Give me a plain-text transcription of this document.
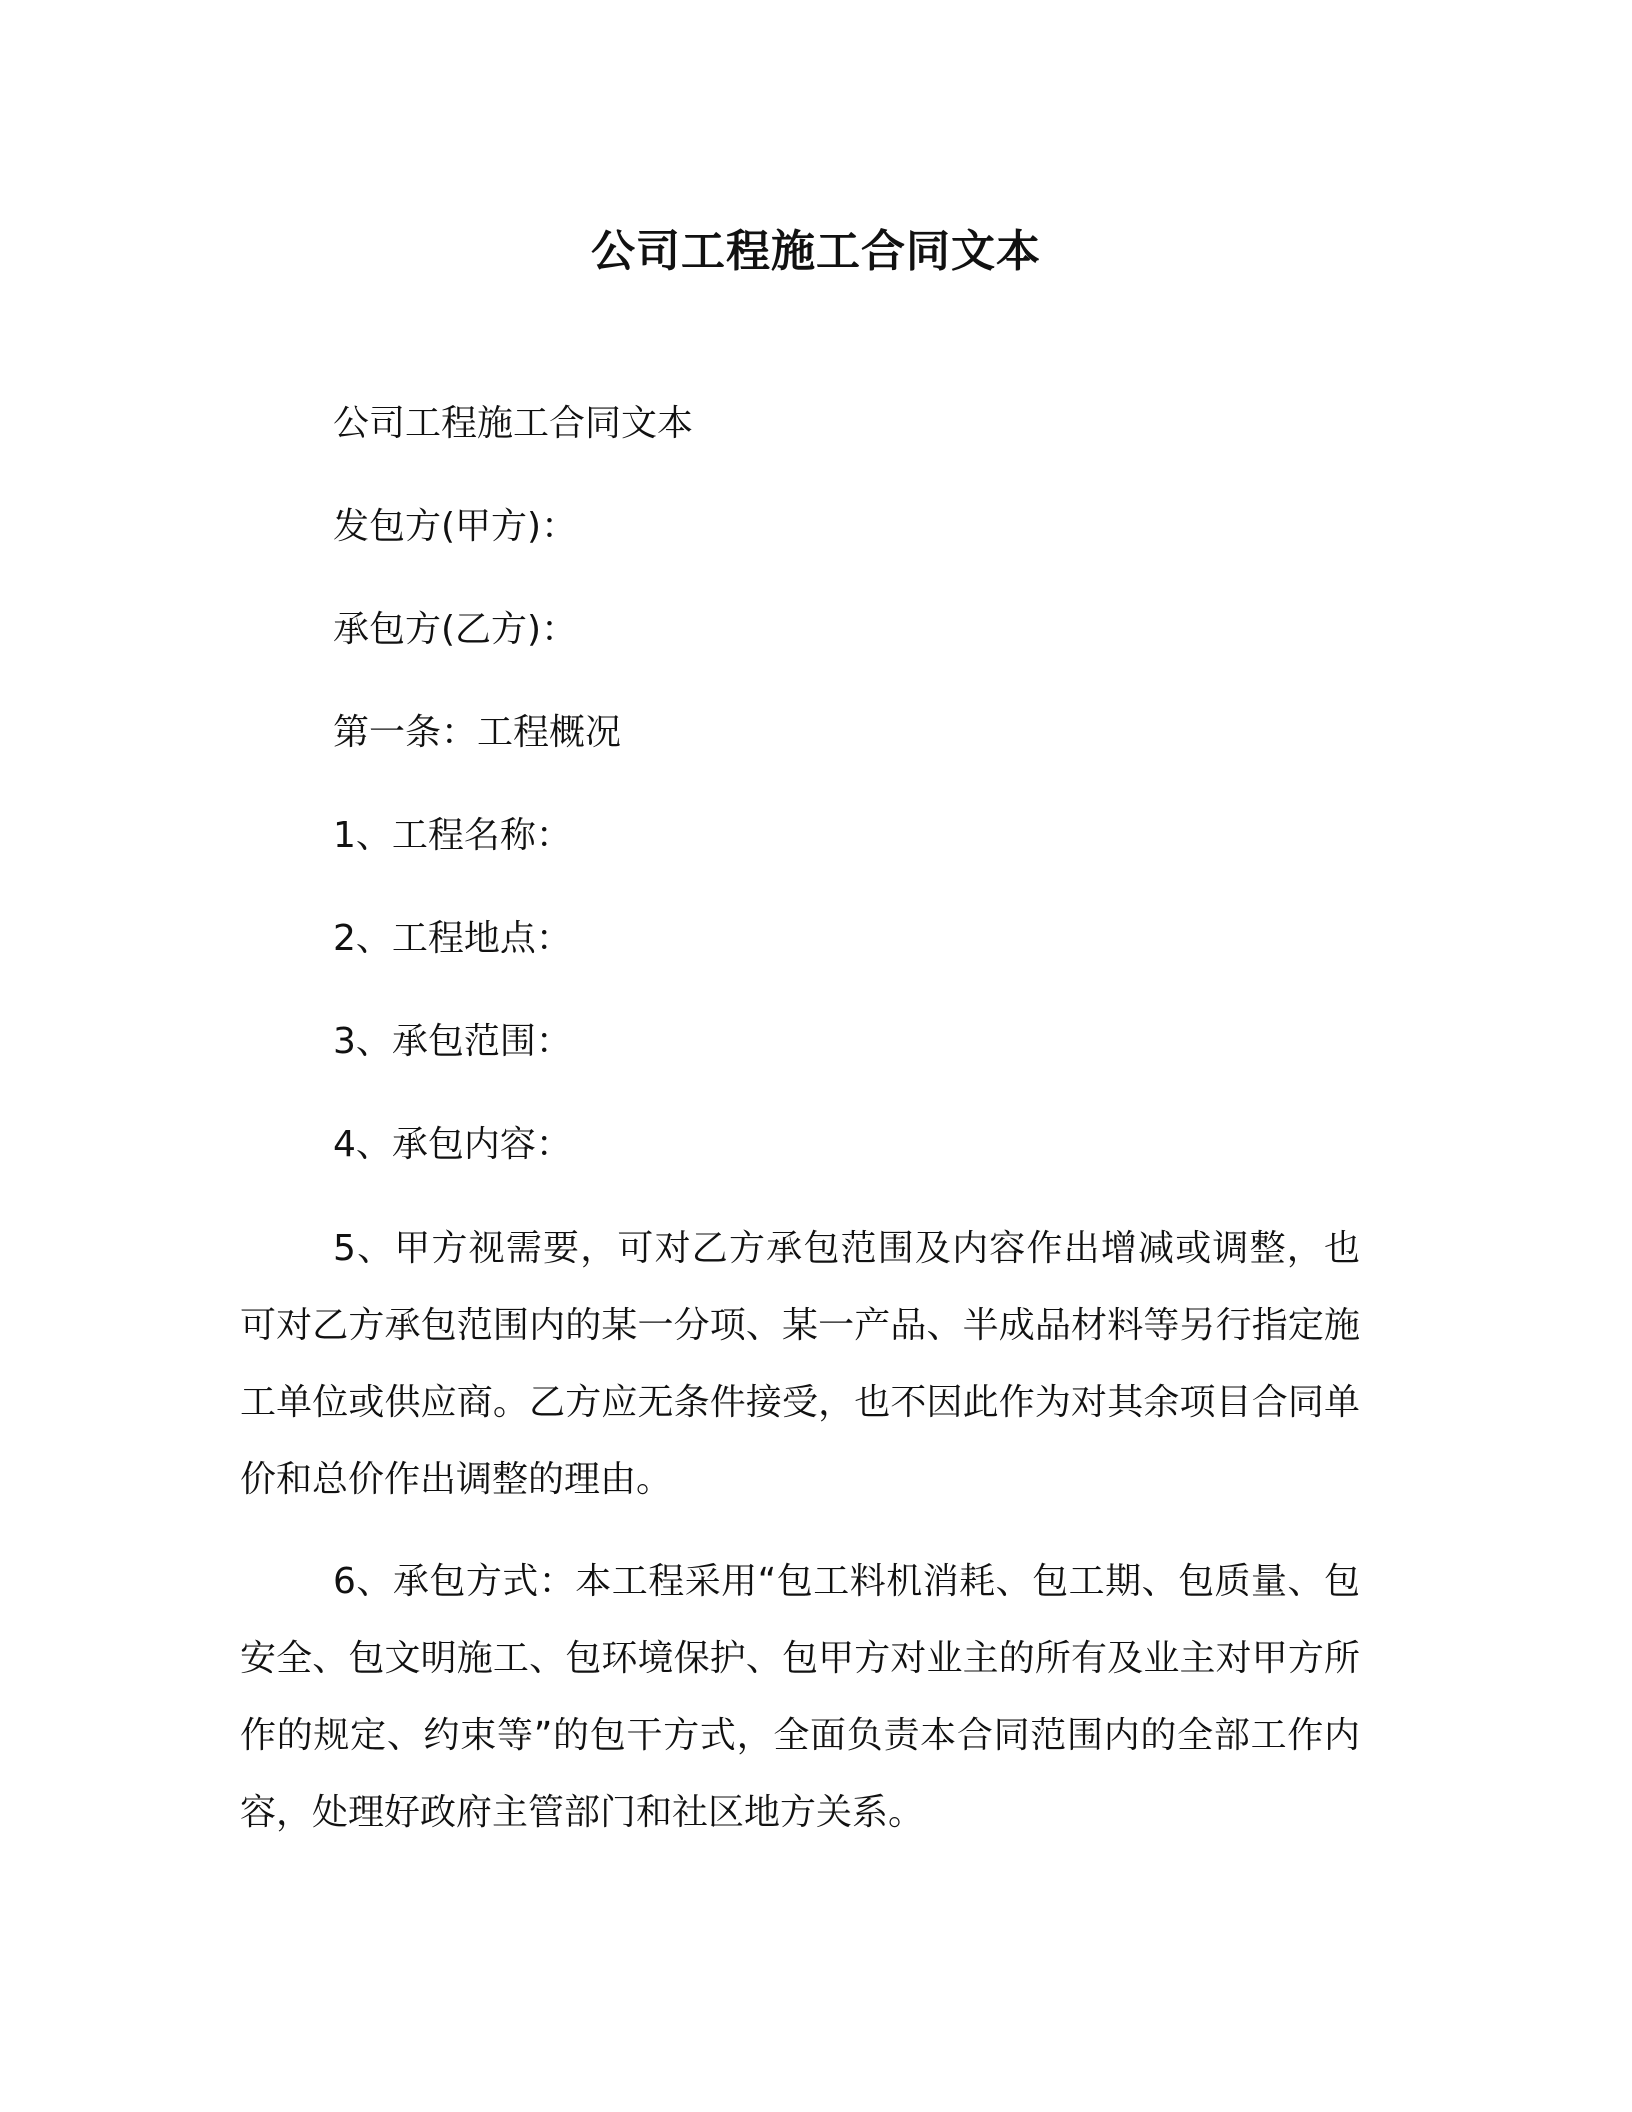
公司工程施工合同文本

公司工程施工合同文本

发包方(甲方)：

承包方(乙方)：

第一条：工程概况

1、工程名称：

2、工程地点：

3、承包范围：

4、承包内容：

5、甲方视需要，可对乙方承包范围及内容作出增减或调整，也可对乙方承包范围内的某一分项、某一产品、半成品材料等另行指定施工单位或供应商。乙方应无条件接受，也不因此作为对其余项目合同单价和总价作出调整的理由。

6、承包方式：本工程采用“包工料机消耗、包工期、包质量、包安全、包文明施工、包环境保护、包甲方对业主的所有及业主对甲方所作的规定、约束等”的包干方式，全面负责本合同范围内的全部工作内容，处理好政府主管部门和社区地方关系。
